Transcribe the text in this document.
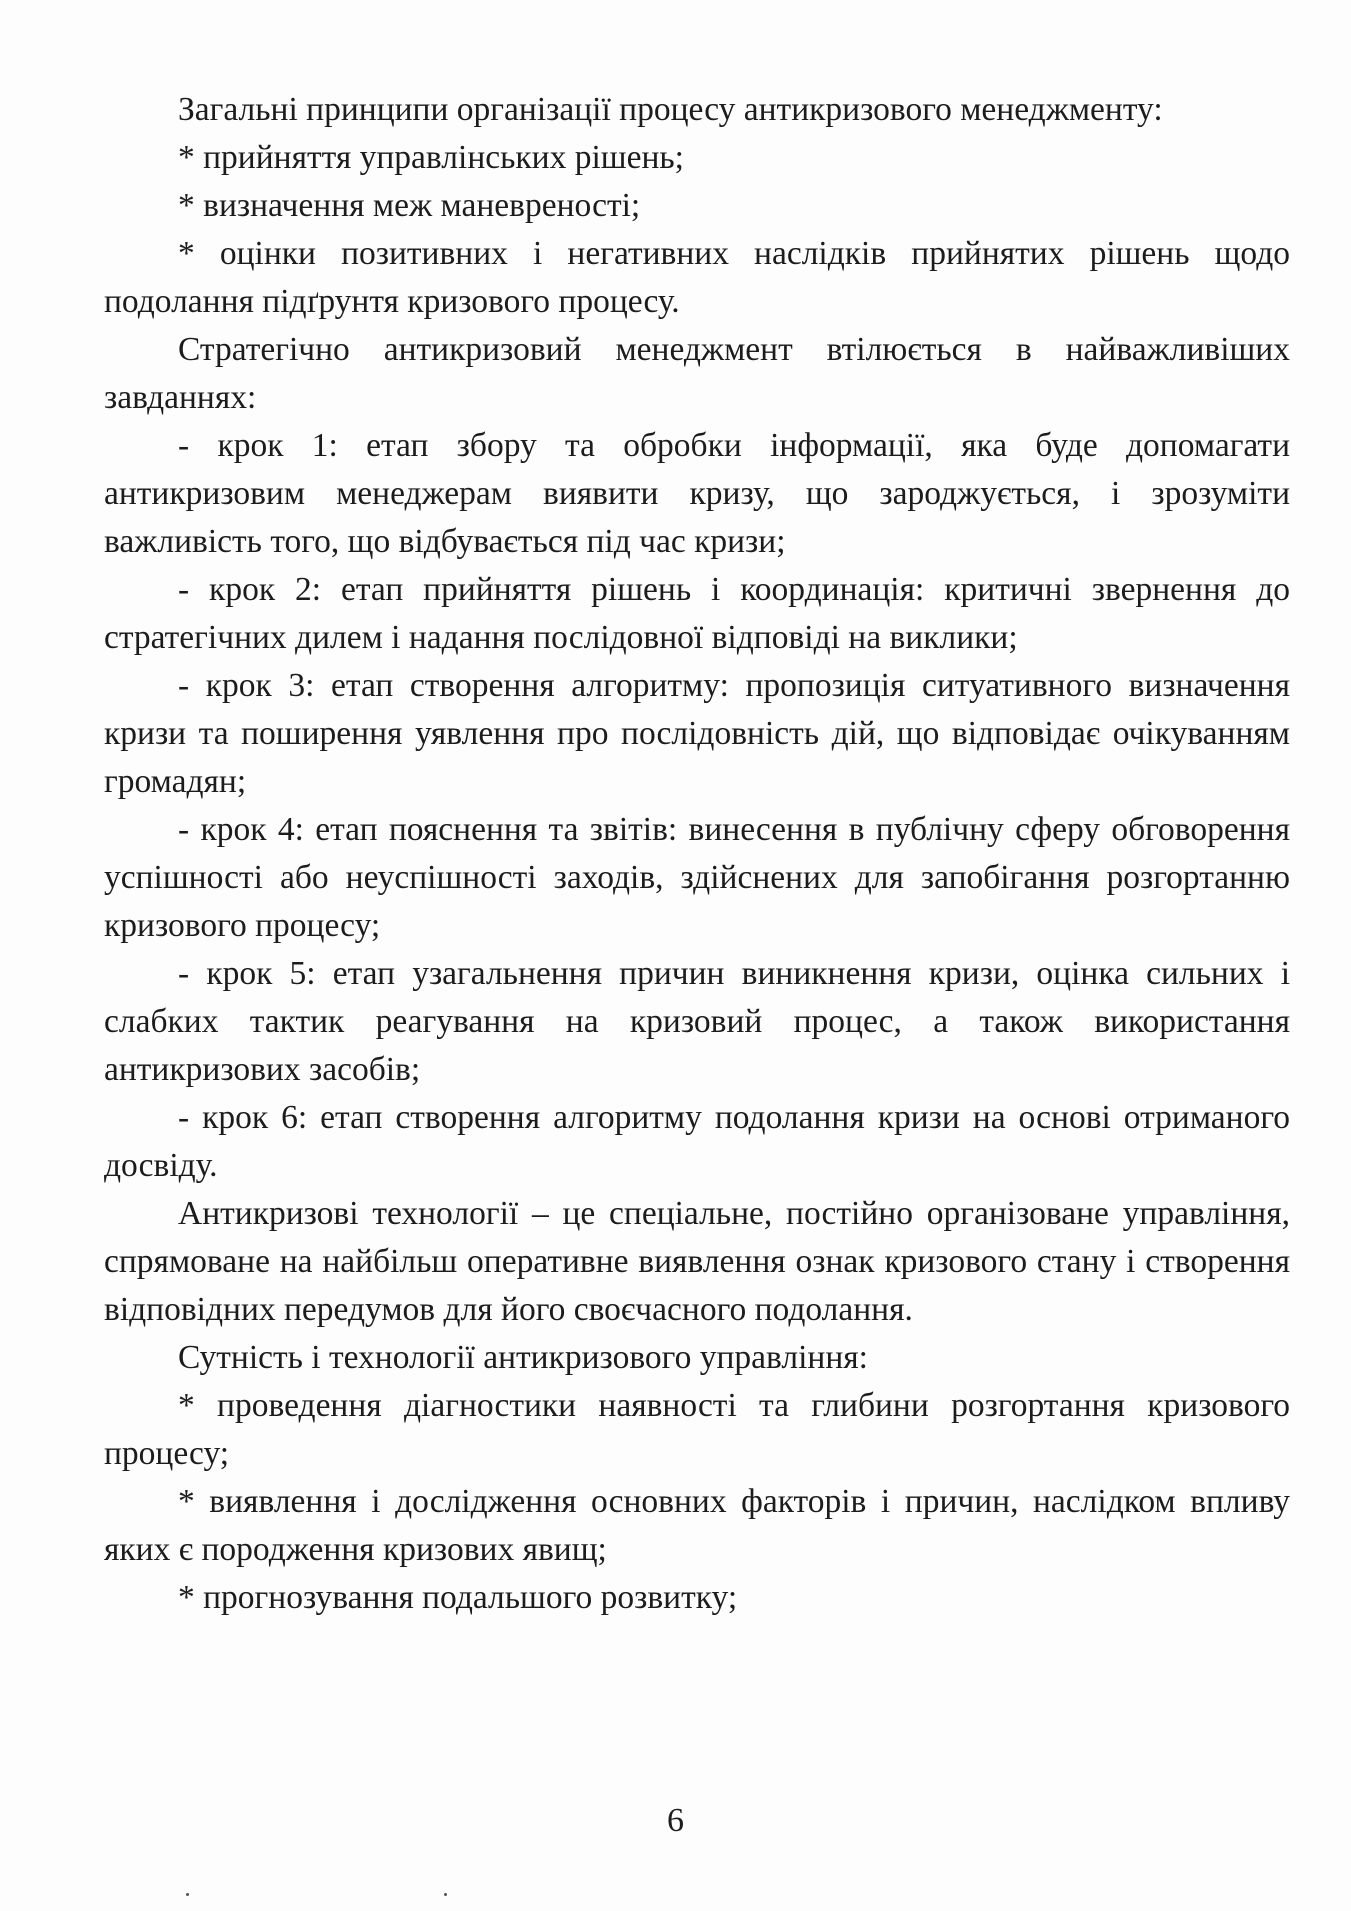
Загальні принципи організації процесу антикризового менеджменту:

* прийняття управлінських рішень;

* визначення меж маневреності;

* оцінки позитивних і негативних наслідків прийнятих рішень щодо подолання підґрунтя кризового процесу.

Стратегічно антикризовий менеджмент втілюється в найважливіших завданнях:

- крок 1: етап збору та обробки інформації, яка буде допомагати антикризовим менеджерам виявити кризу, що зароджується, і зрозуміти важливість того, що відбувається під час кризи;

- крок 2: етап прийняття рішень і координація: критичні звернення до стратегічних дилем і надання послідовної відповіді на виклики;

- крок 3: етап створення алгоритму: пропозиція ситуативного визначення кризи та поширення уявлення про послідовність дій, що відповідає очікуванням громадян;

- крок 4: етап пояснення та звітів: винесення в публічну сферу обговорення успішності або неуспішності заходів, здійснених для запобігання розгортанню кризового процесу;

- крок 5: етап узагальнення причин виникнення кризи, оцінка сильних і слабких тактик реагування на кризовий процес, а також використання антикризових засобів;

- крок 6: етап створення алгоритму подолання кризи на основі отриманого досвіду.

Антикризові технології – це спеціальне, постійно організоване управління, спрямоване на найбільш оперативне виявлення ознак кризового стану і створення відповідних передумов для його своєчасного подолання.

Сутність і технології антикризового управління:

* проведення діагностики наявності та глибини розгортання кризового процесу;

* виявлення і дослідження основних факторів і причин, наслідком впливу яких є породження кризових явищ;

* прогнозування подальшого розвитку;

6
